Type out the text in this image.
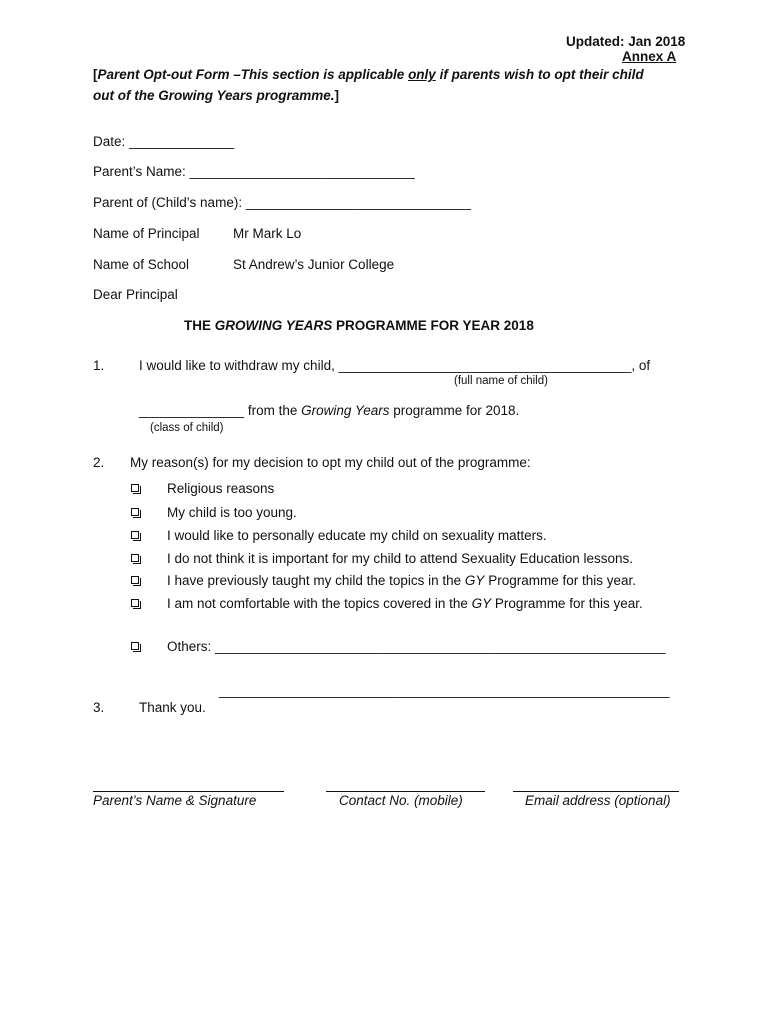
Updated: Jan 2018
Annex A
[Parent Opt-out Form –This section is applicable only if parents wish to opt their child
out of the Growing Years programme.]
Date: ______________
Parent’s Name: ______________________________
Parent of (Child’s name): ______________________________
Name of Principal Mr Mark Lo
Name of School	St Andrew’s Junior College
Dear Principal
THE GROWING YEARS PROGRAMME FOR YEAR 2018
1.	I would like to withdraw my child, _______________________________________, of
(full name of child)
______________ from the Growing Years programme for 2018.
(class of child)
2. My reason(s) for my decision to opt my child out of the programme:
Religious reasons
My child is too young.
I would like to personally educate my child on sexuality matters.
I do not think it is important for my child to attend Sexuality Education lessons.
I have previously taught my child the topics in the GY Programme for this year.
I am not comfortable with the topics covered in the GY Programme for this year.
Others: ____________________________________________________________
____________________________________________________________
3.	Thank you.
Parent’s Name & Signature	Contact No. (mobile)	Email address (optional)
